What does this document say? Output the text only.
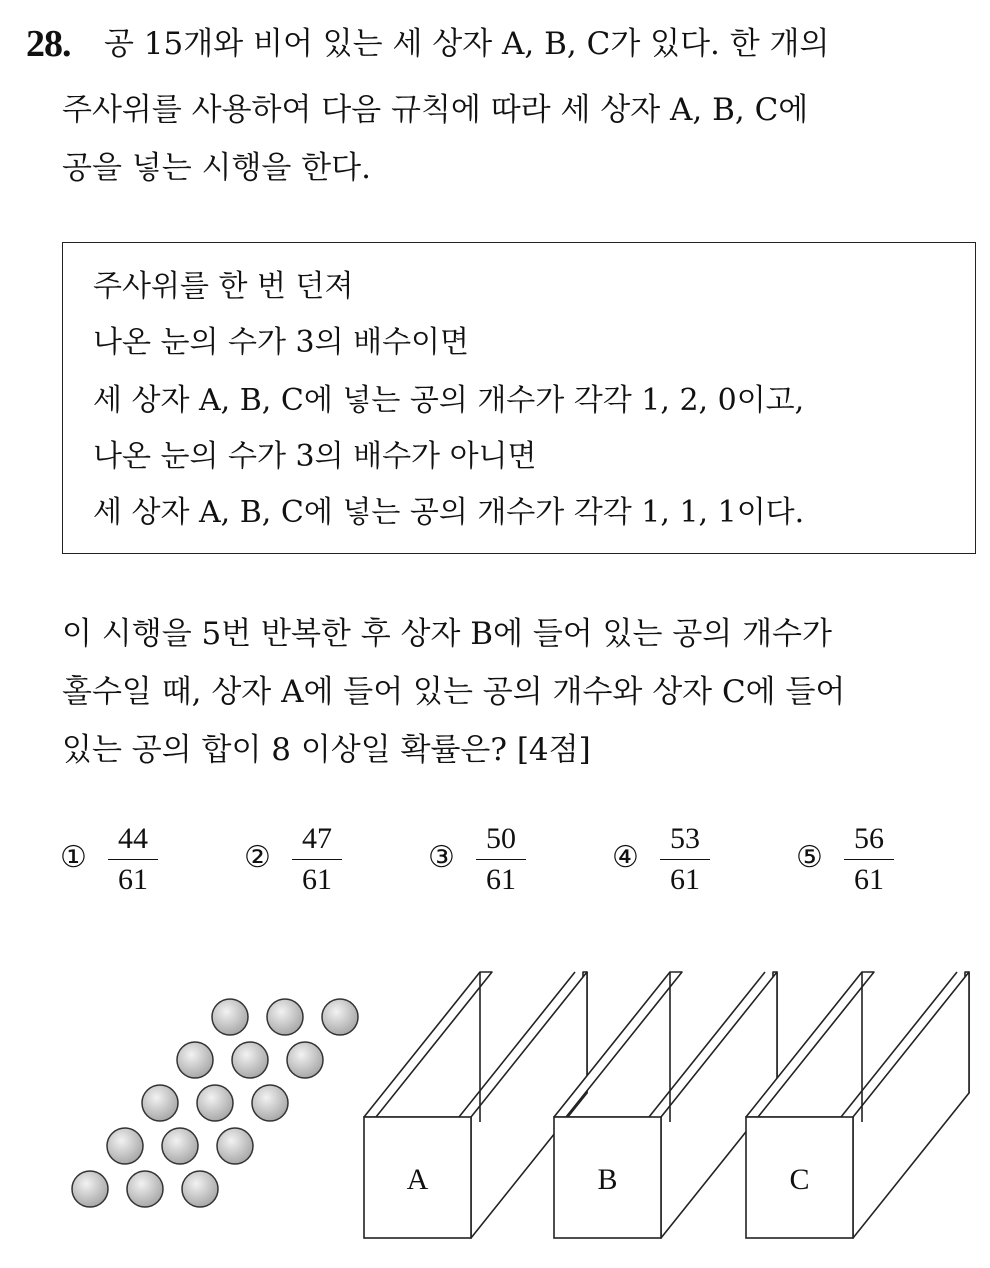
28. 공 15개와 비어 있는 세 상자 A, B, C가 있다. 한 개의
주사위를 사용하여 다음 규칙에 따라 세 상자 A, B, C에
공을 넣는 시행을 한다.
주사위를 한 번 던져
나온 눈의 수가 3의 배수이면
세 상자 A, B, C에 넣는 공의 개수가 각각 1, 2, 0이고,
나온 눈의 수가 3의 배수가 아니면
세 상자 A, B, C에 넣는 공의 개수가 각각 1, 1, 1이다.
이 시행을 5번 반복한 후 상자 B에 들어 있는 공의 개수가
홀수일 때, 상자 A에 들어 있는 공의 개수와 상자 C에 들어
있는 공의 합이 8 이상일 확률은? [4점]
①
44
61
②
47
61
③
50
61
④
53
61
⑤
56
61
A	B	C
